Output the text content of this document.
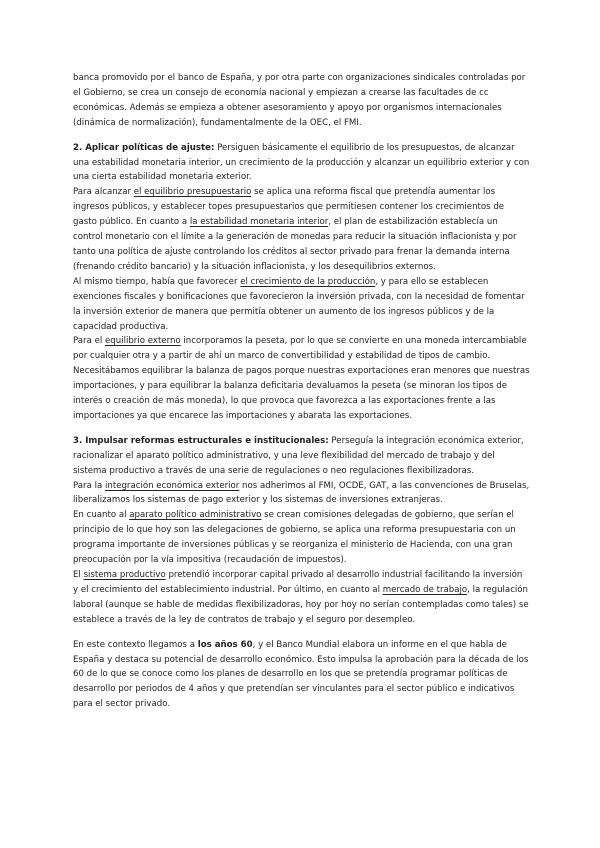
banca promovido por el banco de España, y por otra parte con organizaciones sindicales controladas por el Gobierno, se crea un consejo de economía nacional y empiezan a crearse las facultades de cc económicas. Además se empieza a obtener asesoramiento y apoyo por organismos internacionales (dinámica de normalización), fundamentalmente de la OEC, el FMI.

2. Aplicar políticas de ajuste: Persiguen básicamente el equilibrio de los presupuestos, de alcanzar una estabilidad monetaria interior, un crecimiento de la producción y alcanzar un equilibrio exterior y con una cierta estabilidad monetaria exterior.

Para alcanzar el equilibrio presupuestario se aplica una reforma fiscal que pretendía aumentar los ingresos públicos, y establecer topes presupuestarios que permitiesen contener los crecimientos de gasto público. En cuanto a la estabilidad monetaria interior, el plan de estabilización establecía un control monetario con el límite a la generación de monedas para reducir la situación inflacionista y por tanto una política de ajuste controlando los créditos al sector privado para frenar la demanda interna (frenando crédito bancario) y la situación inflacionista, y los desequilibrios externos.

Al mismo tiempo, había que favorecer el crecimiento de la producción, y para ello se establecen exenciones fiscales y bonificaciones que favorecieron la inversión privada, con la necesidad de fomentar la inversión exterior de manera que permitía obtener un aumento de los ingresos públicos y de la capacidad productiva.

Para el equilibrio externo incorporamos la peseta, por lo que se convierte en una moneda intercambiable por cualquier otra y a partir de ahí un marco de convertibilidad y estabilidad de tipos de cambio. Necesitábamos equilibrar la balanza de pagos porque nuestras exportaciones eran menores que nuestras importaciones, y para equilibrar la balanza deficitaria devaluamos la peseta (se minoran los tipos de interés o creación de más moneda), lo que provoca que favorezca a las exportaciones frente a las importaciones ya que encarece las importaciones y abarata las exportaciones.

3. Impulsar reformas estructurales e institucionales: Perseguía la integración económica exterior, racionalizar el aparato político administrativo, y una leve flexibilidad del mercado de trabajo y del sistema productivo a través de una serie de regulaciones o neo regulaciones flexibilizadoras.

Para la integración económica exterior nos adherimos al FMI, OCDE, GAT, a las convenciones de Bruselas, liberalizamos los sistemas de pago exterior y los sistemas de inversiones extranjeras.

En cuanto al aparato político administrativo se crean comisiones delegadas de gobierno, que serían el principio de lo que hoy son las delegaciones de gobierno, se aplica una reforma presupuestaria con un programa importante de inversiones públicas y se reorganiza el ministerio de Hacienda, con una gran preocupación por la vía impositiva (recaudación de impuestos).

El sistema productivo pretendió incorporar capital privado al desarrollo industrial facilitando la inversión y el crecimiento del establecimiento industrial. Por último, en cuanto al mercado de trabajo, la regulación laboral (aunque se hable de medidas flexibilizadoras, hoy por hoy no serían contempladas como tales) se establece a través de la ley de contratos de trabajo y el seguro por desempleo.

En este contexto llegamos a los años 60, y el Banco Mundial elabora un informe en el que habla de España y destaca su potencial de desarrollo económico. Esto impulsa la aprobación para la década de los 60 de lo que se conoce como los planes de desarrollo en los que se pretendía programar políticas de desarrollo por periodos de 4 años y que pretendían ser vinculantes para el sector público e indicativos para el sector privado.
